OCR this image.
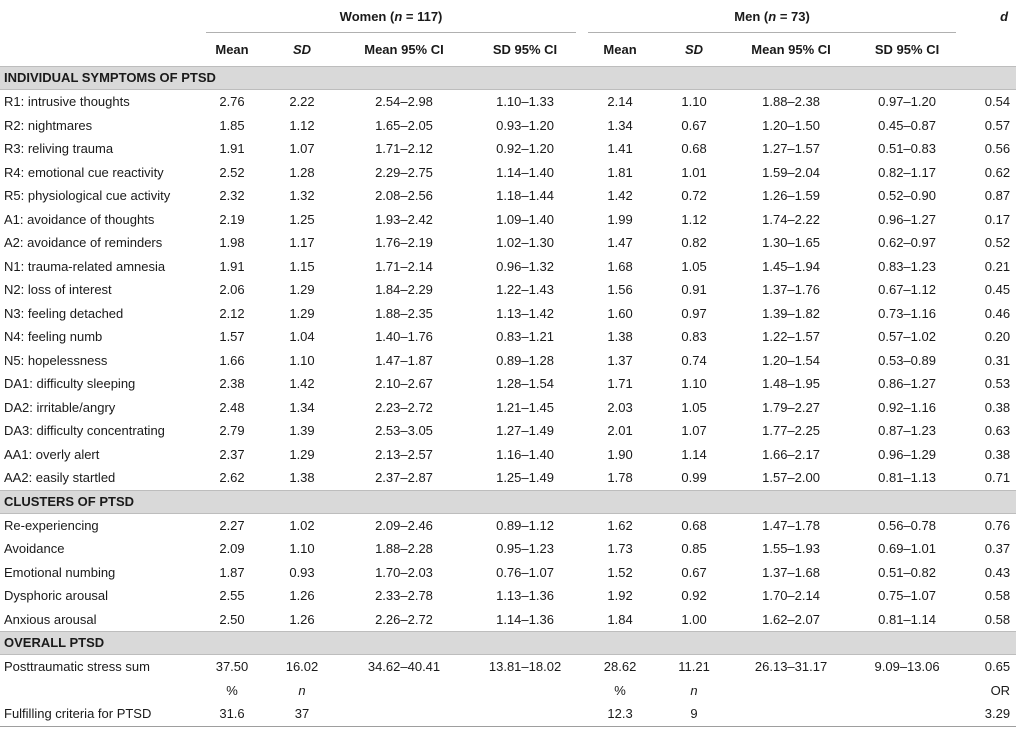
	Women (n = 117)				Men (n = 73)				d
	Mean	SD	Mean 95% CI	SD 95% CI	Mean	SD	Mean 95% CI	SD 95% CI	
INDIVIDUAL SYMPTOMS OF PTSD									
R1: intrusive thoughts	2.76	2.22	2.54–2.98	1.10–1.33	2.14	1.10	1.88–2.38	0.97–1.20	0.54
R2: nightmares	1.85	1.12	1.65–2.05	0.93–1.20	1.34	0.67	1.20–1.50	0.45–0.87	0.57
R3: reliving trauma	1.91	1.07	1.71–2.12	0.92–1.20	1.41	0.68	1.27–1.57	0.51–0.83	0.56
R4: emotional cue reactivity	2.52	1.28	2.29–2.75	1.14–1.40	1.81	1.01	1.59–2.04	0.82–1.17	0.62
R5: physiological cue activity	2.32	1.32	2.08–2.56	1.18–1.44	1.42	0.72	1.26–1.59	0.52–0.90	0.87
A1: avoidance of thoughts	2.19	1.25	1.93–2.42	1.09–1.40	1.99	1.12	1.74–2.22	0.96–1.27	0.17
A2: avoidance of reminders	1.98	1.17	1.76–2.19	1.02–1.30	1.47	0.82	1.30–1.65	0.62–0.97	0.52
N1: trauma-related amnesia	1.91	1.15	1.71–2.14	0.96–1.32	1.68	1.05	1.45–1.94	0.83–1.23	0.21
N2: loss of interest	2.06	1.29	1.84–2.29	1.22–1.43	1.56	0.91	1.37–1.76	0.67–1.12	0.45
N3: feeling detached	2.12	1.29	1.88–2.35	1.13–1.42	1.60	0.97	1.39–1.82	0.73–1.16	0.46
N4: feeling numb	1.57	1.04	1.40–1.76	0.83–1.21	1.38	0.83	1.22–1.57	0.57–1.02	0.20
N5: hopelessness	1.66	1.10	1.47–1.87	0.89–1.28	1.37	0.74	1.20–1.54	0.53–0.89	0.31
DA1: difficulty sleeping	2.38	1.42	2.10–2.67	1.28–1.54	1.71	1.10	1.48–1.95	0.86–1.27	0.53
DA2: irritable/angry	2.48	1.34	2.23–2.72	1.21–1.45	2.03	1.05	1.79–2.27	0.92–1.16	0.38
DA3: difficulty concentrating	2.79	1.39	2.53–3.05	1.27–1.49	2.01	1.07	1.77–2.25	0.87–1.23	0.63
AA1: overly alert	2.37	1.29	2.13–2.57	1.16–1.40	1.90	1.14	1.66–2.17	0.96–1.29	0.38
AA2: easily startled	2.62	1.38	2.37–2.87	1.25–1.49	1.78	0.99	1.57–2.00	0.81–1.13	0.71
CLUSTERS OF PTSD									
Re-experiencing	2.27	1.02	2.09–2.46	0.89–1.12	1.62	0.68	1.47–1.78	0.56–0.78	0.76
Avoidance	2.09	1.10	1.88–2.28	0.95–1.23	1.73	0.85	1.55–1.93	0.69–1.01	0.37
Emotional numbing	1.87	0.93	1.70–2.03	0.76–1.07	1.52	0.67	1.37–1.68	0.51–0.82	0.43
Dysphoric arousal	2.55	1.26	2.33–2.78	1.13–1.36	1.92	0.92	1.70–2.14	0.75–1.07	0.58
Anxious arousal	2.50	1.26	2.26–2.72	1.14–1.36	1.84	1.00	1.62–2.07	0.81–1.14	0.58
OVERALL PTSD									
Posttraumatic stress sum	37.50	16.02	34.62–40.41	13.81–18.02	28.62	11.21	26.13–31.17	9.09–13.06	0.65
	%	n			%	n			OR
Fulfilling criteria for PTSD	31.6	37			12.3	9			3.29
